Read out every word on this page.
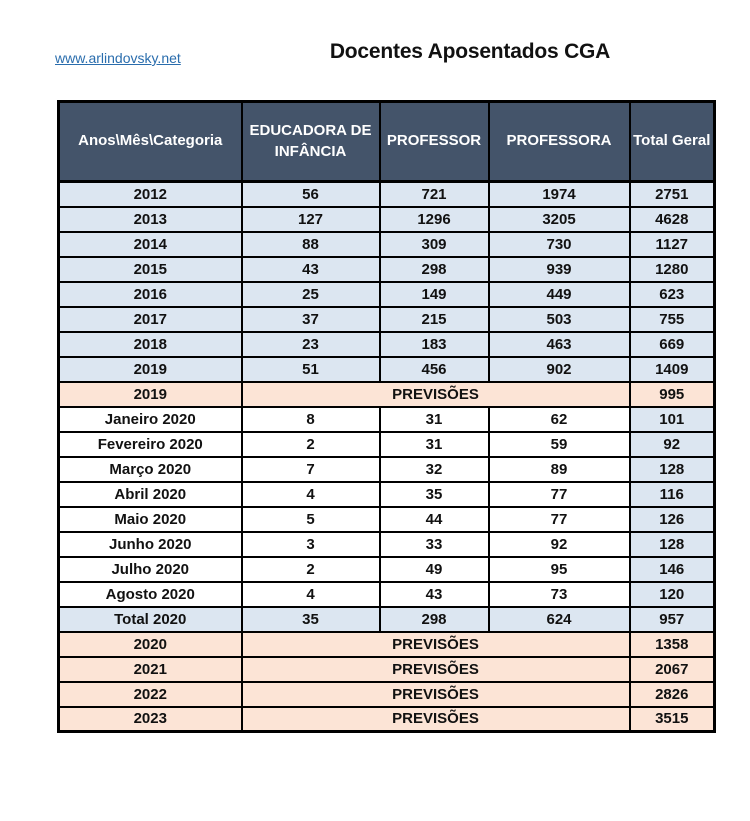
www.arlindovsky.net	Docentes Aposentados CGA
Anos\Mês\Categoria	EDUCADORA DE INFÂNCIA	PROFESSOR	PROFESSORA	Total Geral
2012	56	721	1974	2751
2013	127	1296	3205	4628
2014	88	309	730	1127
2015	43	298	939	1280
2016	25	149	449	623
2017	37	215	503	755
2018	23	183	463	669
2019	51	456	902	1409
2019	PREVISÕES			995
Janeiro 2020	8	31	62	101
Fevereiro 2020	2	31	59	92
Março 2020	7	32	89	128
Abril 2020	4	35	77	116
Maio 2020	5	44	77	126
Junho 2020	3	33	92	128
Julho 2020	2	49	95	146
Agosto 2020	4	43	73	120
Total 2020	35	298	624	957
2020	PREVISÕES			1358
2021	PREVISÕES			2067
2022	PREVISÕES			2826
2023	PREVISÕES			3515
